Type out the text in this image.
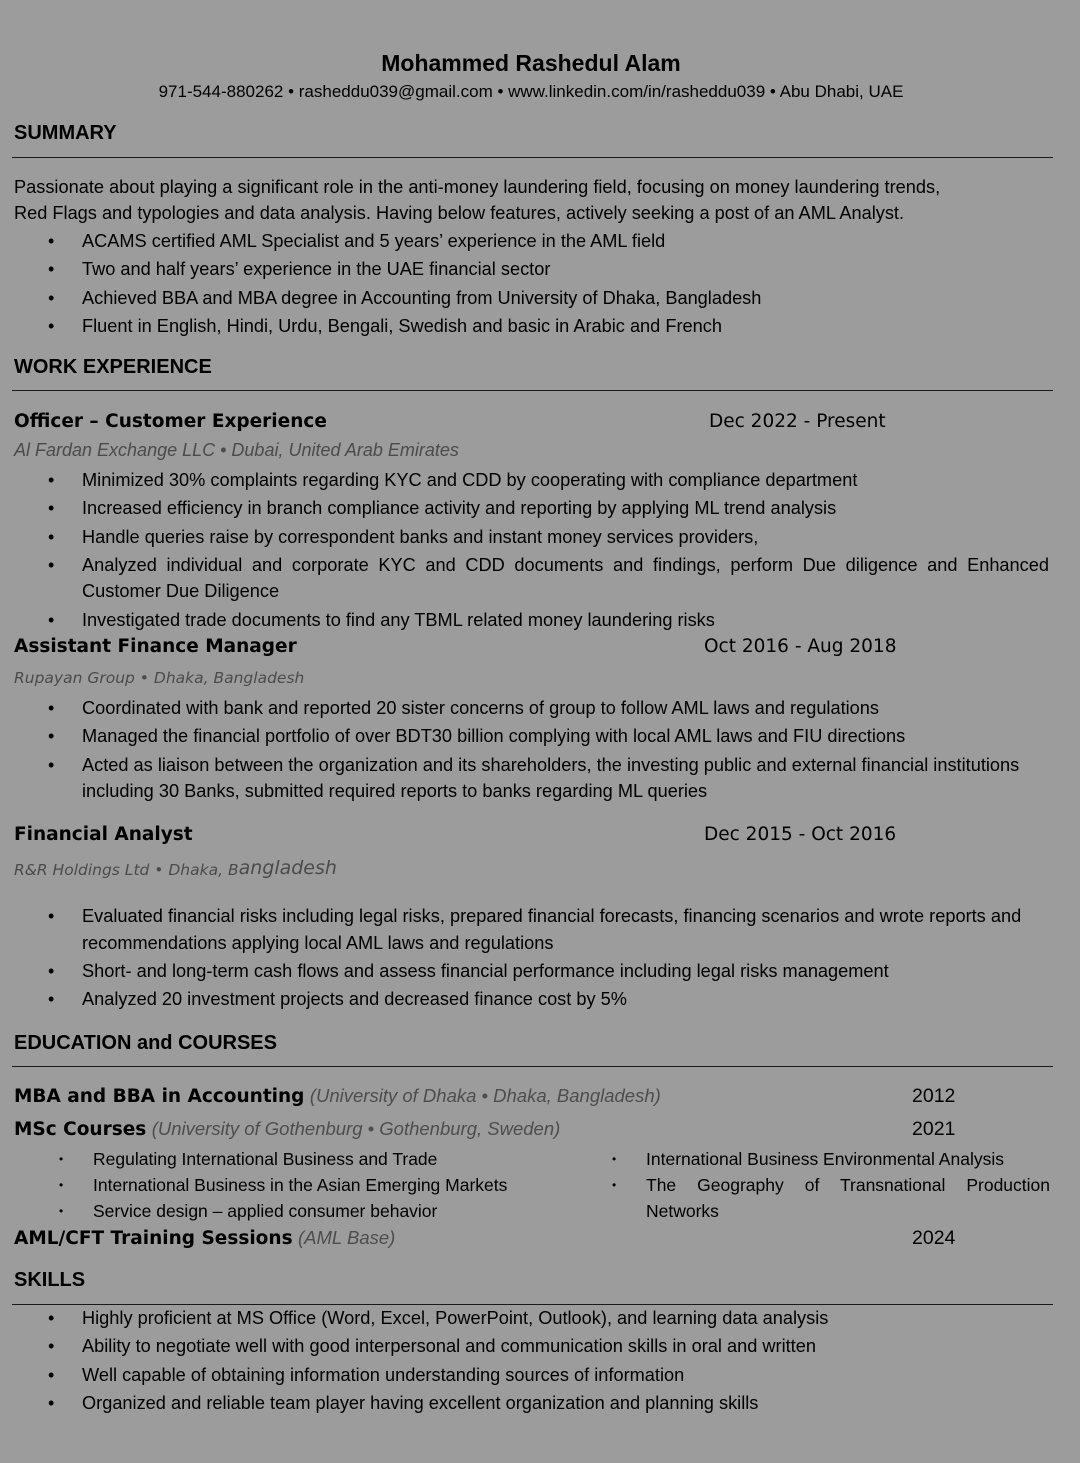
Mohammed Rashedul Alam
971-544-880262 • rasheddu039@gmail.com • www.linkedin.com/in/rasheddu039 • Abu Dhabi, UAE
SUMMARY
Passionate about playing a significant role in the anti-money laundering field, focusing on money laundering trends,
Red Flags and typologies and data analysis. Having below features, actively seeking a post of an AML Analyst.
• ACAMS certified AML Specialist and 5 years’ experience in the AML field
• Two and half years’ experience in the UAE financial sector
• Achieved BBA and MBA degree in Accounting from University of Dhaka, Bangladesh
• Fluent in English, Hindi, Urdu, Bengali, Swedish and basic in Arabic and French
WORK EXPERIENCE
Officer – Customer Experience	Dec 2022 - Present
Al Fardan Exchange LLC • Dubai, United Arab Emirates
• Minimized 30% complaints regarding KYC and CDD by cooperating with compliance department
• Increased efficiency in branch compliance activity and reporting by applying ML trend analysis
• Handle queries raise by correspondent banks and instant money services providers,
• Analyzed individual and corporate KYC and CDD documents and findings, perform Due diligence and Enhanced Customer Due Diligence
• Investigated trade documents to find any TBML related money laundering risks
Assistant Finance Manager	Oct 2016 - Aug 2018
Rupayan Group • Dhaka, Bangladesh
• Coordinated with bank and reported 20 sister concerns of group to follow AML laws and regulations
• Managed the financial portfolio of over BDT30 billion complying with local AML laws and FIU directions
• Acted as liaison between the organization and its shareholders, the investing public and external financial institutions including 30 Banks, submitted required reports to banks regarding ML queries
Financial Analyst	Dec 2015 - Oct 2016
R&R Holdings Ltd • Dhaka, Bangladesh
• Evaluated financial risks including legal risks, prepared financial forecasts, financing scenarios and wrote reports and recommendations applying local AML laws and regulations
• Short- and long-term cash flows and assess financial performance including legal risks management
• Analyzed 20 investment projects and decreased finance cost by 5%
EDUCATION and COURSES
MBA and BBA in Accounting (University of Dhaka • Dhaka, Bangladesh)	2012
MSc Courses (University of Gothenburg • Gothenburg, Sweden)	2021
• Regulating International Business and Trade
• International Business in the Asian Emerging Markets
• Service design – applied consumer behavior
• International Business Environmental Analysis
• The Geography of Transnational Production Networks
AML/CFT Training Sessions (AML Base)	2024
SKILLS
• Highly proficient at MS Office (Word, Excel, PowerPoint, Outlook), and learning data analysis
• Ability to negotiate well with good interpersonal and communication skills in oral and written
• Well capable of obtaining information understanding sources of information
• Organized and reliable team player having excellent organization and planning skills
